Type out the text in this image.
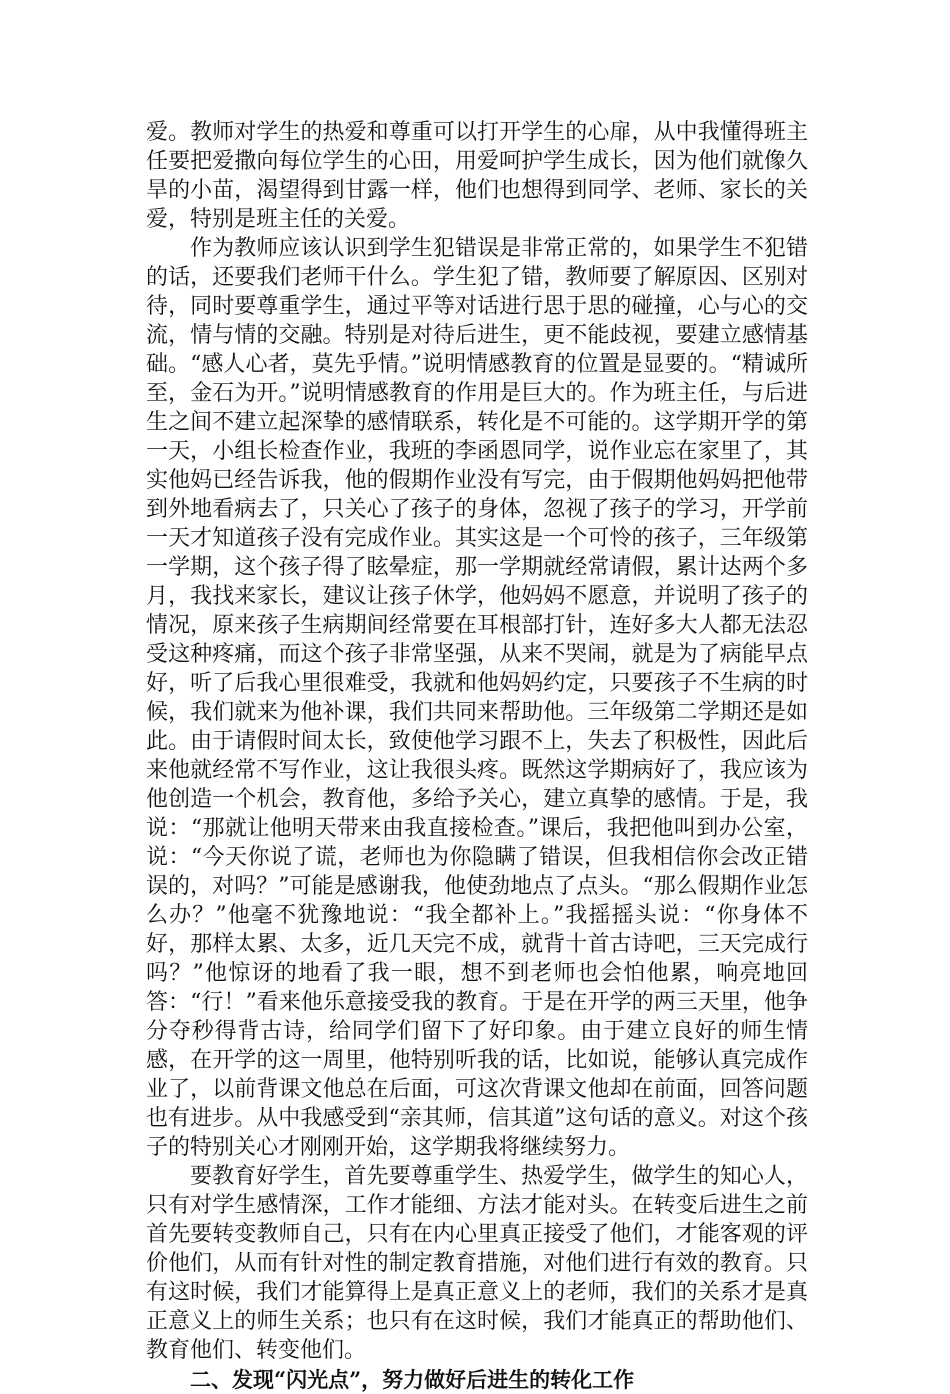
爱。教师对学生的热爱和尊重可以打开学生的心扉，从中我懂得班主任要把爱撒向每位学生的心田，用爱呵护学生成长，因为他们就像久旱的小苗，渴望得到甘露一样，他们也想得到同学、老师、家长的关爱，特别是班主任的关爱。

作为教师应该认识到学生犯错误是非常正常的，如果学生不犯错的话，还要我们老师干什么。学生犯了错，教师要了解原因、区别对待，同时要尊重学生，通过平等对话进行思于思的碰撞，心与心的交流，情与情的交融。特别是对待后进生，更不能歧视，要建立感情基础。“感人心者，莫先乎情。”说明情感教育的位置是显要的。“精诚所至，金石为开。”说明情感教育的作用是巨大的。作为班主任，与后进生之间不建立起深挚的感情联系，转化是不可能的。这学期开学的第一天，小组长检查作业，我班的李函恩同学，说作业忘在家里了，其实他妈已经告诉我，他的假期作业没有写完，由于假期他妈妈把他带到外地看病去了，只关心了孩子的身体，忽视了孩子的学习，开学前一天才知道孩子没有完成作业。其实这是一个可怜的孩子，三年级第一学期，这个孩子得了眩晕症，那一学期就经常请假，累计达两个多月，我找来家长，建议让孩子休学，他妈妈不愿意，并说明了孩子的情况，原来孩子生病期间经常要在耳根部打针，连好多大人都无法忍受这种疼痛，而这个孩子非常坚强，从来不哭闹，就是为了病能早点好，听了后我心里很难受，我就和他妈妈约定，只要孩子不生病的时候，我们就来为他补课，我们共同来帮助他。三年级第二学期还是如此。由于请假时间太长，致使他学习跟不上，失去了积极性，因此后来他就经常不写作业，这让我很头疼。既然这学期病好了，我应该为他创造一个机会，教育他，多给予关心，建立真挚的感情。于是，我说：“那就让他明天带来由我直接检查。”课后，我把他叫到办公室，说：“今天你说了谎，老师也为你隐瞒了错误，但我相信你会改正错误的，对吗？”可能是感谢我，他使劲地点了点头。“那么假期作业怎么办？”他毫不犹豫地说：“我全都补上。”我摇摇头说：“你身体不好，那样太累、太多，近几天完不成，就背十首古诗吧，三天完成行吗？”他惊讶的地看了我一眼，想不到老师也会怕他累，响亮地回答：“行！”看来他乐意接受我的教育。于是在开学的两三天里，他争分夺秒得背古诗，给同学们留下了好印象。由于建立良好的师生情感，在开学的这一周里，他特别听我的话，比如说，能够认真完成作业了，以前背课文他总在后面，可这次背课文他却在前面，回答问题也有进步。从中我感受到“亲其师，信其道”这句话的意义。对这个孩子的特别关心才刚刚开始，这学期我将继续努力。

要教育好学生，首先要尊重学生、热爱学生，做学生的知心人，只有对学生感情深，工作才能细、方法才能对头。在转变后进生之前首先要转变教师自己，只有在内心里真正接受了他们，才能客观的评价他们，从而有针对性的制定教育措施，对他们进行有效的教育。只有这时候，我们才能算得上是真正意义上的老师，我们的关系才是真正意义上的师生关系；也只有在这时候，我们才能真正的帮助他们、教育他们、转变他们。

二、发现“闪光点”，努力做好后进生的转化工作
